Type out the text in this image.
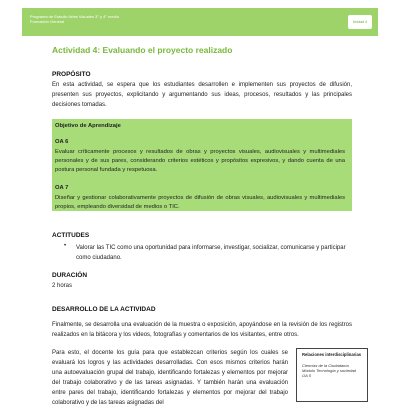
Programa de Estudio Artes Visuales 3° y 4° medio
Formación General	Unidad 4
Actividad 4: Evaluando el proyecto realizado
PROPÓSITO
En esta actividad, se espera que los estudiantes desarrollen e implementen sus proyectos de difusión, presenten sus proyectos, explicitando y argumentando sus ideas, procesos, resultados y las principales decisiones tomadas.
Objetivo de Aprendizaje
OA 6
Evaluar críticamente procesos y resultados de obras y proyectos visuales, audiovisuales y multimediales personales y de sus pares, considerando criterios estéticos y propósitos expresivos, y dando cuenta de una postura personal fundada y respetuosa.
OA 7
Diseñar y gestionar colaborativamente proyectos de difusión de obras visuales, audiovisuales y multimediales propios, empleando diversidad de medios o TIC.
ACTITUDES
• Valorar las TIC como una oportunidad para informarse, investigar, socializar, comunicarse y participar como ciudadano.
DURACIÓN
2 horas
DESARROLLO DE LA ACTIVIDAD
Finalmente, se desarrolla una evaluación de la muestra o exposición, apoyándose en la revisión de los registros realizados en la bitácora y los videos, fotografías y comentarios de los visitantes, entre otros.
Para esto, el docente los guía para que establezcan criterios según los cuales se evaluará los logros y las actividades desarrolladas. Con esos mismos criterios harán una autoevaluación grupal del trabajo, identificando fortalezas y elementos por mejorar del trabajo colaborativo y de las tareas asignadas. Y también harán una evaluación entre pares del trabajo, identificando fortalezas y elementos por mejorar del trabajo colaborativo y de las tareas asignadas del
Relaciones interdisciplinarias
Ciencias de la Ciudadanía Módulo Tecnología y sociedad
OA 5
